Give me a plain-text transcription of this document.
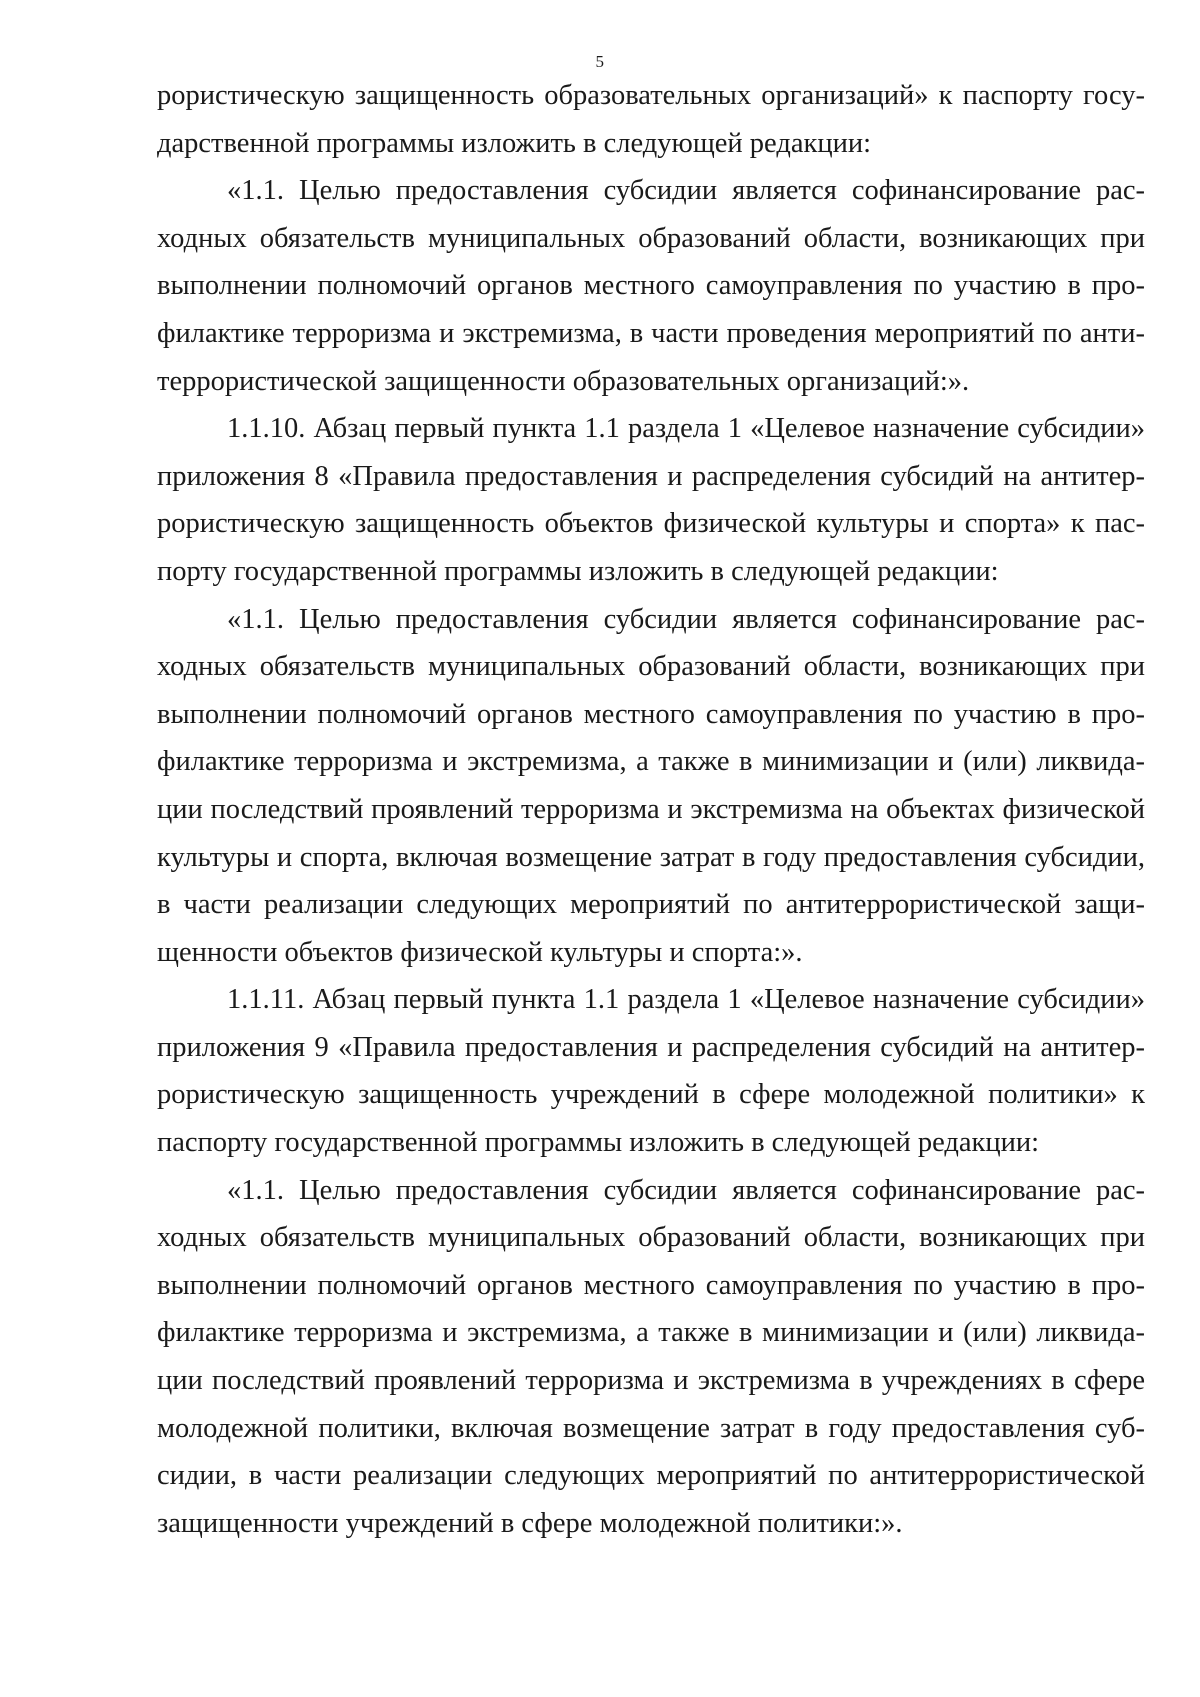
5
рористическую защищенность образовательных организаций» к паспорту госу-
дарственной программы изложить в следующей редакции:
«1.1. Целью предоставления субсидии является софинансирование рас-
ходных обязательств муниципальных образований области, возникающих при
выполнении полномочий органов местного самоуправления по участию в про-
филактике терроризма и экстремизма, в части проведения мероприятий по анти-
террористической защищенности образовательных организаций:».
1.1.10. Абзац первый пункта 1.1 раздела 1 «Целевое назначение субсидии»
приложения 8 «Правила предоставления и распределения субсидий на антитер-
рористическую защищенность объектов физической культуры и спорта» к пас-
порту государственной программы изложить в следующей редакции:
«1.1. Целью предоставления субсидии является софинансирование рас-
ходных обязательств муниципальных образований области, возникающих при
выполнении полномочий органов местного самоуправления по участию в про-
филактике терроризма и экстремизма, а также в минимизации и (или) ликвида-
ции последствий проявлений терроризма и экстремизма на объектах физической
культуры и спорта, включая возмещение затрат в году предоставления субсидии,
в части реализации следующих мероприятий по антитеррористической защи-
щенности объектов физической культуры и спорта:».
1.1.11. Абзац первый пункта 1.1 раздела 1 «Целевое назначение субсидии»
приложения 9 «Правила предоставления и распределения субсидий на антитер-
рористическую защищенность учреждений в сфере молодежной политики» к
паспорту государственной программы изложить в следующей редакции:
«1.1. Целью предоставления субсидии является софинансирование рас-
ходных обязательств муниципальных образований области, возникающих при
выполнении полномочий органов местного самоуправления по участию в про-
филактике терроризма и экстремизма, а также в минимизации и (или) ликвида-
ции последствий проявлений терроризма и экстремизма в учреждениях в сфере
молодежной политики, включая возмещение затрат в году предоставления суб-
сидии, в части реализации следующих мероприятий по антитеррористической
защищенности учреждений в сфере молодежной политики:».
